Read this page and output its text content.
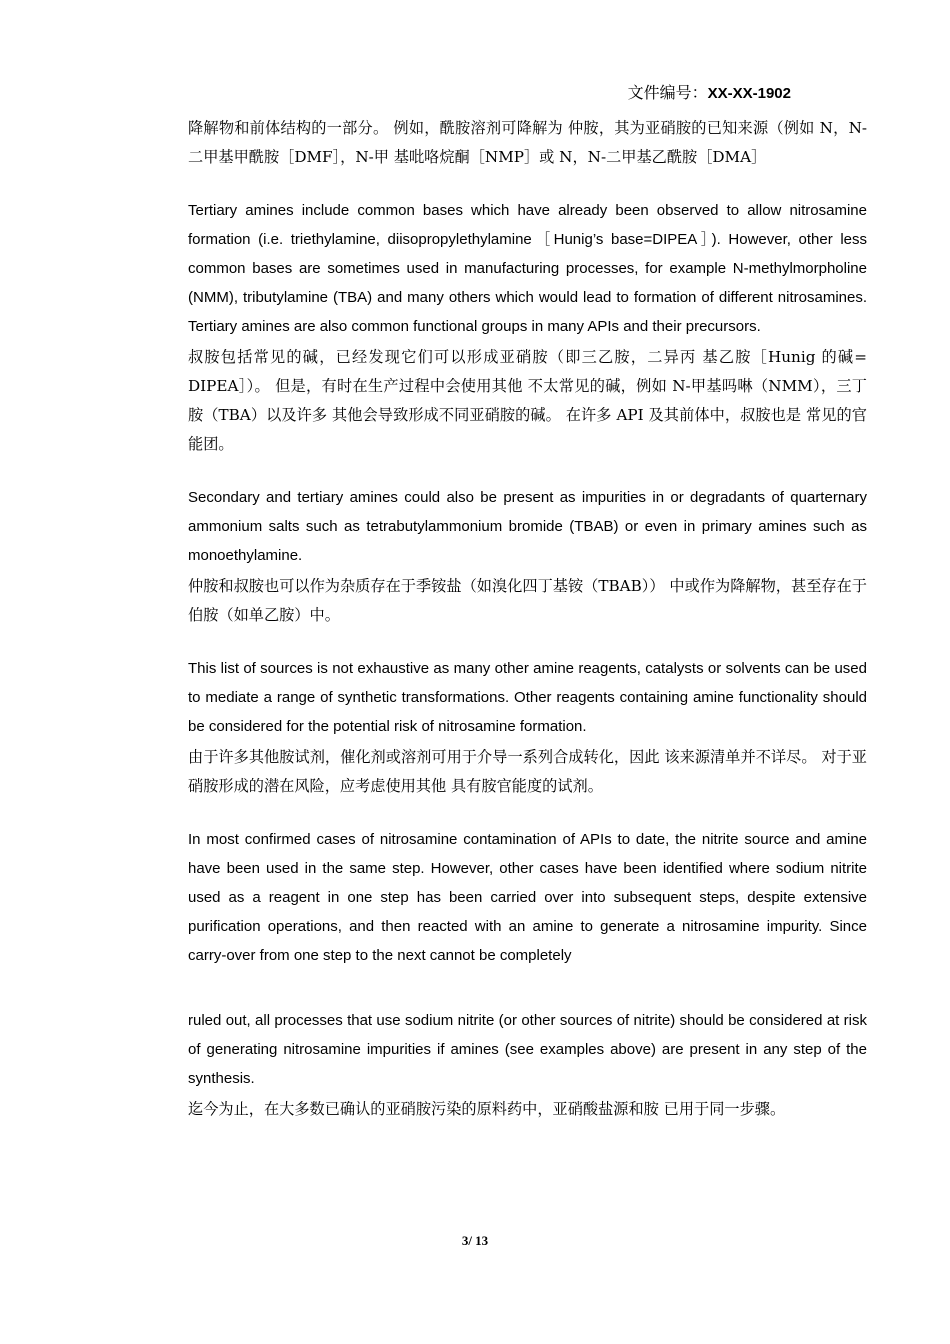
文件编号：XX-XX-1902

降解物和前体结构的一部分。 例如，酰胺溶剂可降解为 仲胺，其为亚硝胺的已知来源（例如 N，N-二甲基甲酰胺［DMF］，N-甲 基吡咯烷酮［NMP］或 N，N-二甲基乙酰胺［DMA］

Tertiary amines include common bases which have already been observed to allow nitrosamine formation (i.e. triethylamine, diisopropylethylamine［Hunig’s base=DIPEA］). However, other less common bases are sometimes used in manufacturing processes, for example N-methylmorpholine (NMM), tributylamine (TBA) and many others which would lead to formation of different nitrosamines. Tertiary amines are also common functional groups in many APIs and their precursors.

叔胺包括常见的碱，已经发现它们可以形成亚硝胺（即三乙胺，二异丙 基乙胺［Hunig 的碱= DIPEA］）。 但是，有时在生产过程中会使用其他 不太常见的碱，例如 N-甲基吗啉（NMM），三丁胺（TBA）以及许多 其他会导致形成不同亚硝胺的碱。 在许多 API 及其前体中，叔胺也是 常见的官能团。

Secondary and tertiary amines could also be present as impurities in or degradants of quarternary ammonium salts such as tetrabutylammonium bromide (TBAB) or even in primary amines such as monoethylamine.

仲胺和叔胺也可以作为杂质存在于季铵盐（如溴化四丁基铵（TBAB）） 中或作为降解物，甚至存在于伯胺（如单乙胺）中。

This list of sources is not exhaustive as many other amine reagents, catalysts or solvents can be used to mediate a range of synthetic transformations. Other reagents containing amine functionality should be considered for the potential risk of nitrosamine formation.

由于许多其他胺试剂，催化剂或溶剂可用于介导一系列合成转化，因此 该来源清单并不详尽。 对于亚硝胺形成的潜在风险，应考虑使用其他 具有胺官能度的试剂。

In most confirmed cases of nitrosamine contamination of APIs to date, the nitrite source and amine have been used in the same step. However, other cases have been identified where sodium nitrite used as a reagent in one step has been carried over into subsequent steps, despite extensive purification operations, and then reacted with an amine to generate a nitrosamine impurity. Since carry-over from one step to the next cannot be completely

ruled out, all processes that use sodium nitrite (or other sources of nitrite) should be considered at risk of generating nitrosamine impurities if amines (see examples above) are present in any step of the synthesis.

迄今为止，在大多数已确认的亚硝胺污染的原料药中，亚硝酸盐源和胺 已用于同一步骤。

3/ 13
